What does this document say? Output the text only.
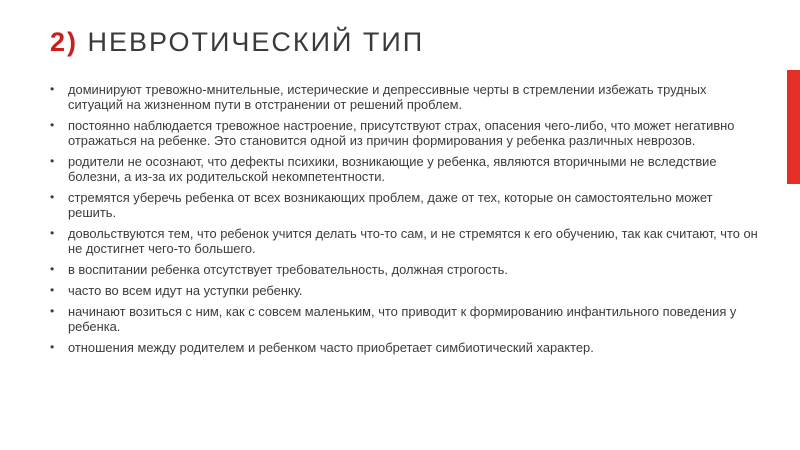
2) НЕВРОТИЧЕСКИЙ ТИП
• доминируют тревожно-мнительные, истерические и депрессивные черты в стремлении избежать трудных ситуаций на жизненном пути в отстранении от решений проблем.
• постоянно наблюдается тревожное настроение, присутствуют страх, опасения чего-либо, что может негативно отражаться на ребенке. Это становится одной из причин формирования у ребенка различных неврозов.
• родители не осознают, что дефекты психики, возникающие у ребенка, являются вторичными не вследствие болезни, а из-за их родительской некомпетентности.
• стремятся уберечь ребенка от всех возникающих проблем, даже от тех, которые он самостоятельно может решить.
• довольствуются тем, что ребенок учится делать что-то сам, и не стремятся к его обучению, так как считают, что он не достигнет чего-то большего.
• в воспитании ребенка отсутствует требовательность, должная строгость.
• часто во всем идут на уступки ребенку.
• начинают возиться с ним, как с совсем маленьким, что приводит к формированию инфантильного поведения у ребенка.
• отношения между родителем и ребенком часто приобретает симбиотический характер.
